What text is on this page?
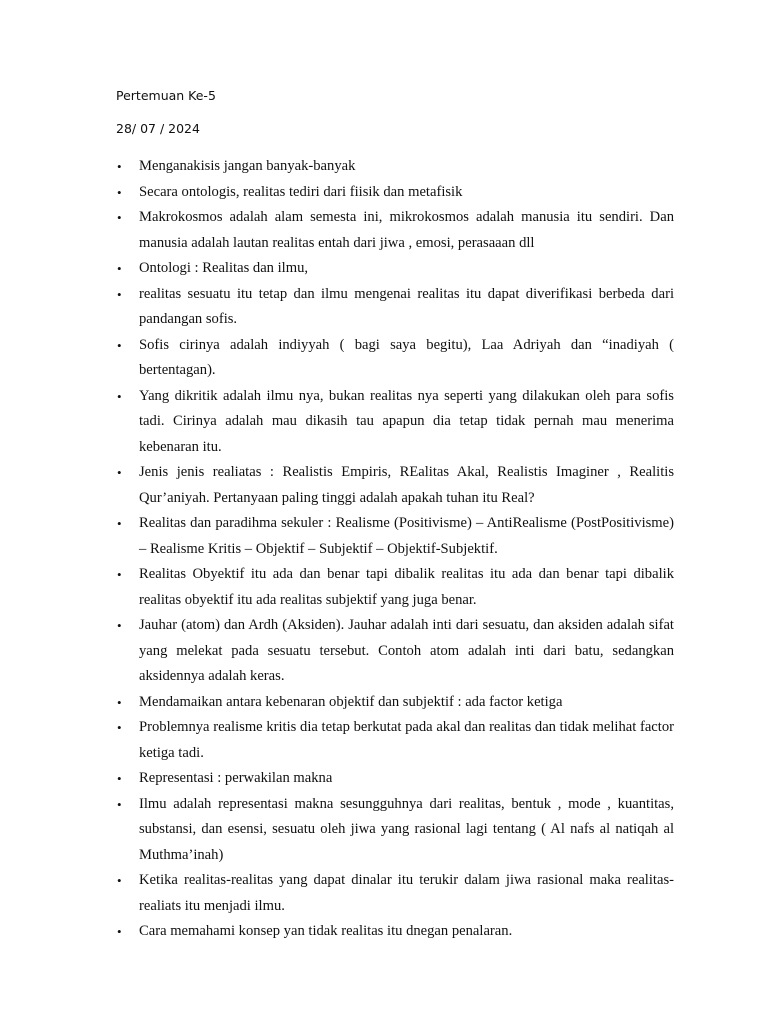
Pertemuan Ke-5
28/ 07 / 2024
• Menganakisis jangan banyak-banyak
• Secara ontologis, realitas tediri dari fiisik dan metafisik
• Makrokosmos adalah alam semesta ini, mikrokosmos adalah manusia itu sendiri. Dan manusia adalah lautan realitas entah dari jiwa , emosi, perasaaan dll
• Ontologi : Realitas dan ilmu,
• realitas sesuatu itu tetap dan ilmu mengenai realitas itu dapat diverifikasi berbeda dari pandangan sofis.
• Sofis cirinya adalah indiyyah ( bagi saya begitu), Laa Adriyah dan “inadiyah ( bertentagan).
• Yang dikritik adalah ilmu nya, bukan realitas nya seperti yang dilakukan oleh para sofis tadi. Cirinya adalah mau dikasih tau apapun dia tetap tidak pernah mau menerima kebenaran itu.
• Jenis jenis realiatas : Realistis Empiris, REalitas Akal, Realistis Imaginer , Realitis Qur’aniyah. Pertanyaan paling tinggi adalah apakah tuhan itu Real?
• Realitas dan paradihma sekuler : Realisme (Positivisme) – AntiRealisme (PostPositivisme) – Realisme Kritis – Objektif – Subjektif – Objektif-Subjektif.
• Realitas Obyektif itu ada dan benar tapi dibalik realitas itu ada dan benar tapi dibalik realitas obyektif itu ada realitas subjektif yang juga benar.
• Jauhar (atom) dan Ardh (Aksiden). Jauhar adalah inti dari sesuatu, dan aksiden adalah sifat yang melekat pada sesuatu tersebut. Contoh atom adalah inti dari batu, sedangkan aksidennya adalah keras.
• Mendamaikan antara kebenaran objektif dan subjektif : ada factor ketiga
• Problemnya realisme kritis dia tetap berkutat pada akal dan realitas dan tidak melihat factor ketiga tadi.
• Representasi : perwakilan makna
• Ilmu adalah representasi makna sesungguhnya dari realitas, bentuk , mode , kuantitas, substansi, dan esensi, sesuatu oleh jiwa yang rasional lagi tentang ( Al nafs al natiqah al Muthma’inah)
• Ketika realitas-realitas yang dapat dinalar itu terukir dalam jiwa rasional maka realitas-realiats itu menjadi ilmu.
• Cara memahami konsep yan tidak realitas itu dnegan penalaran.
